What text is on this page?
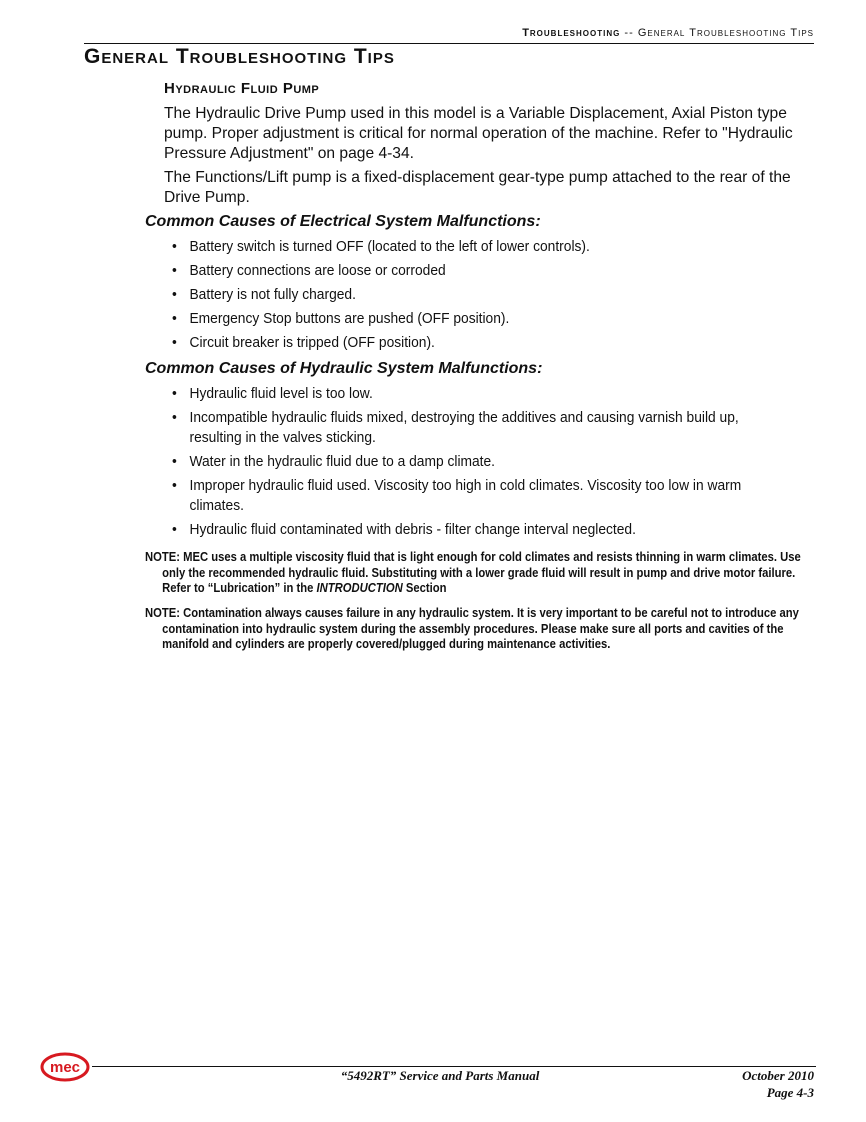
Troubleshooting -- General Troubleshooting Tips
General Troubleshooting Tips
Hydraulic Fluid Pump

The Hydraulic Drive Pump used in this model is a Variable Displacement, Axial Piston type pump. Proper adjustment is critical for normal operation of the machine. Refer to "Hydraulic Pressure Adjustment" on page 4-34.

The Functions/Lift pump is a fixed-displacement gear-type pump attached to the rear of the Drive Pump.

Common Causes of Electrical System Malfunctions:
• Battery switch is turned OFF (located to the left of lower controls).
• Battery connections are loose or corroded
• Battery is not fully charged.
• Emergency Stop buttons are pushed (OFF position).
• Circuit breaker is tripped (OFF position).
Common Causes of Hydraulic System Malfunctions:
• Hydraulic fluid level is too low.
• Incompatible hydraulic fluids mixed, destroying the additives and causing varnish build up, resulting in the valves sticking.
• Water in the hydraulic fluid due to a damp climate.
• Improper hydraulic fluid used. Viscosity too high in cold climates. Viscosity too low in warm climates.
• Hydraulic fluid contaminated with debris - filter change interval neglected.

NOTE: MEC uses a multiple viscosity fluid that is light enough for cold climates and resists thinning in warm climates. Use only the recommended hydraulic fluid. Substituting with a lower grade fluid will result in pump and drive motor failure. Refer to “Lubrication” in the INTRODUCTION Section

NOTE: Contamination always causes failure in any hydraulic system. It is very important to be careful not to introduce any contamination into hydraulic system during the assembly procedures. Please make sure all ports and cavities of the manifold and cylinders are properly covered/plugged during maintenance activities.

mec	“5492RT” Service and Parts Manual	October 2010
Page 4-3
